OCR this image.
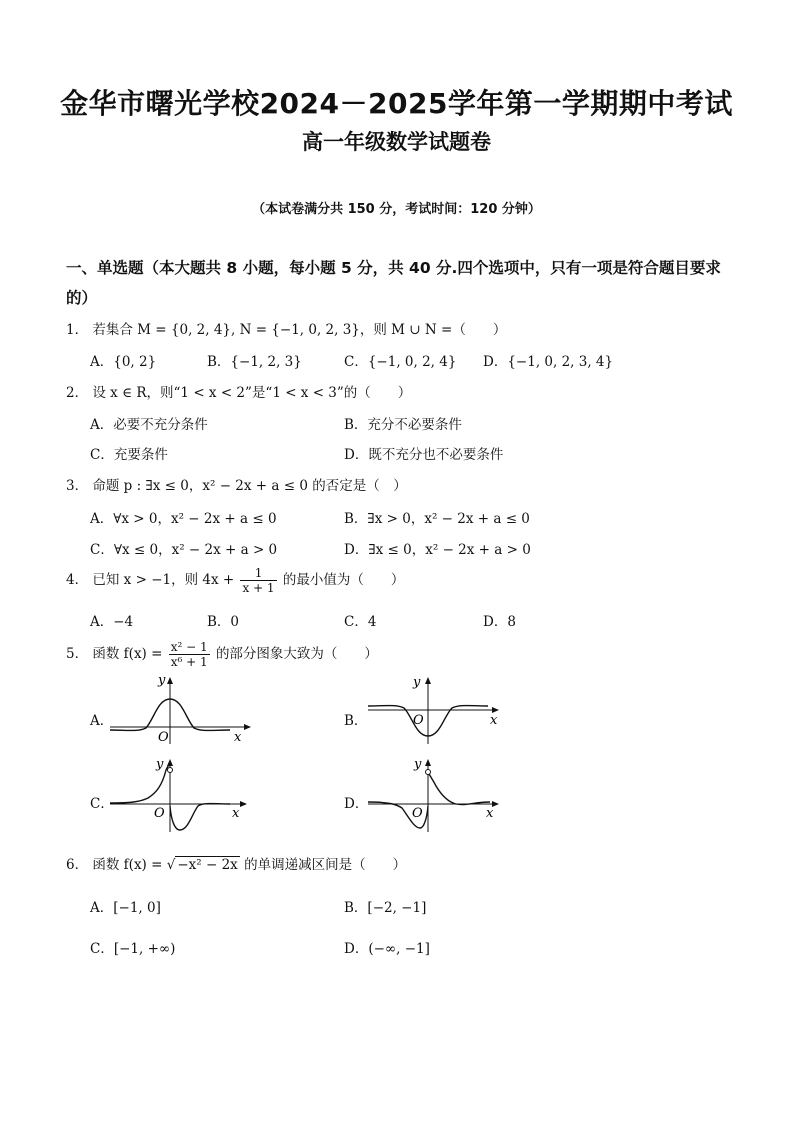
金华市曙光学校2024－2025学年第一学期期中考试
高一年级数学试题卷
（本试卷满分共 150 分，考试时间：120 分钟）
一、单选题（本大题共 8 小题，每小题 5 分，共 40 分.四个选项中，只有一项是符合题目要求的）
1． 若集合 M = {0, 2, 4}, N = {−1, 0, 2, 3}，则 M ∪ N =（　　）
A．{0, 2}	B．{−1, 2, 3}	C．{−1, 0, 2, 4} D．{−1, 0, 2, 3, 4}
2． 设 x ∈ R，则“1 < x < 2”是“1 < x < 3”的（　　）
A．必要不充分条件	B．充分不必要条件
C．充要条件	D．既不充分也不必要条件
3． 命题 p : ∃x ≤ 0，x² − 2x + a ≤ 0 的否定是（　）
A．∀x > 0，x² − 2x + a ≤ 0	B．∃x > 0，x² − 2x + a ≤ 0
C．∀x ≤ 0，x² − 2x + a > 0	D．∃x ≤ 0，x² − 2x + a > 0
4． 已知 x > −1，则 $4x + \frac{1}{x + 1}$ 的最小值为（　　）
A．−4	B．0	C．4	D．8
5． 函数 $f(x) = \frac{\text{x² − 1}}{\text{x⁶ + 1}}$ 的部分图象大致为（　　）
A．
y
O	x
B．
y
O	x
C．
y
O	x
D．
y
O	x
6． 函数 f(x) = √ −x² − 2x 的单调递减区间是（　　）
A．[−1, 0]	B．[−2, −1]
C．[−1, +∞)	D．(−∞, −1]
